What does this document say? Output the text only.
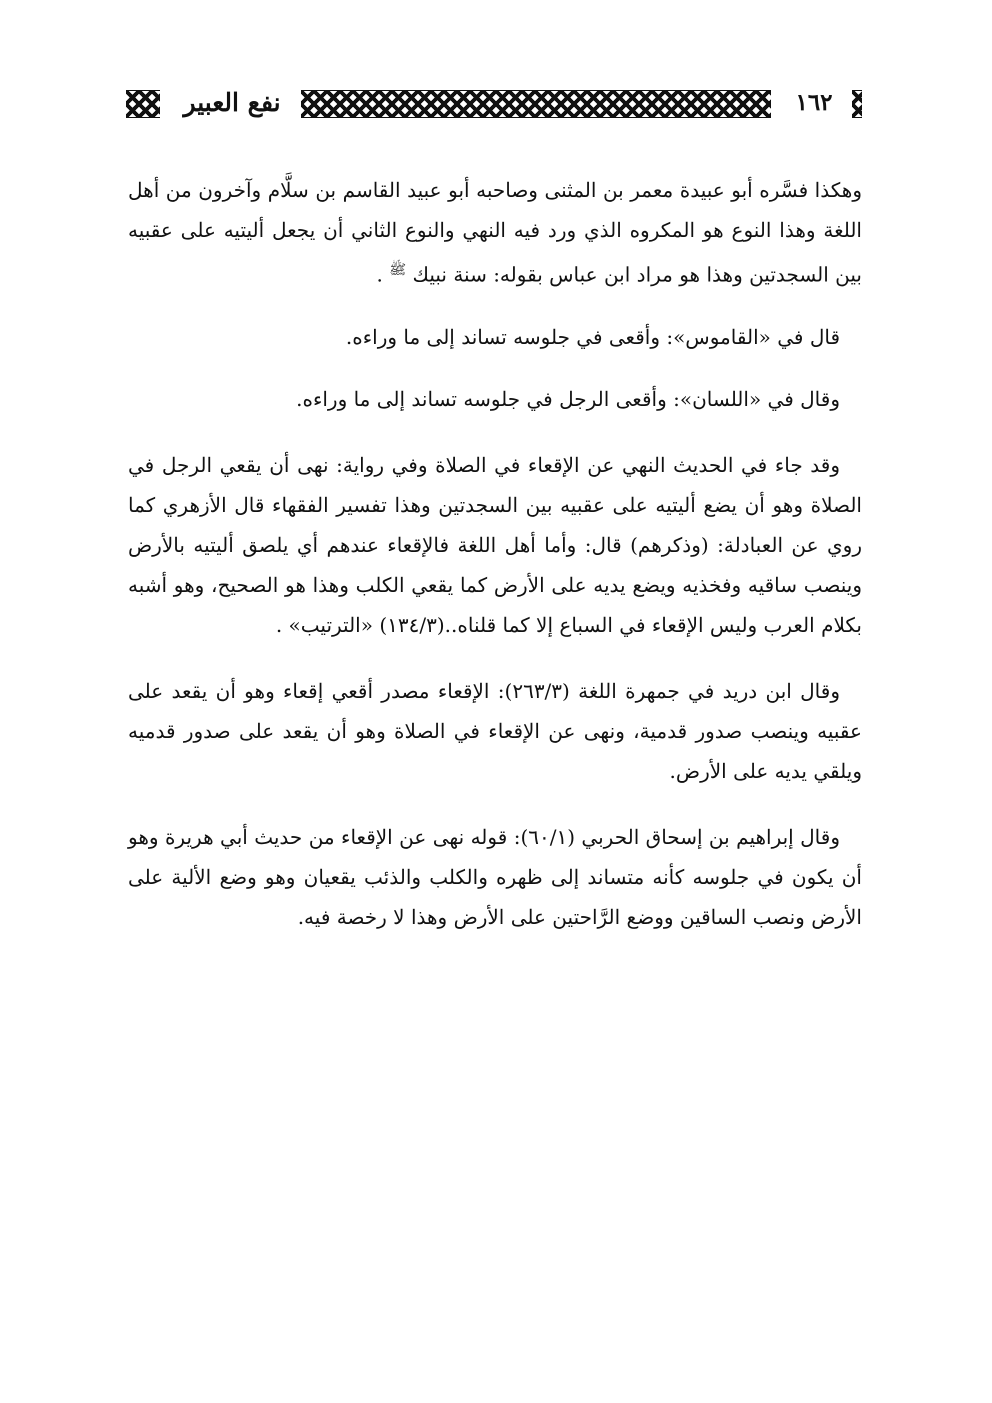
نفع العبير	١٦٢

وهكذا فسَّره أبو عبيدة معمر بن المثنى وصاحبه أبو عبيد القاسم بن سلَّام وآخرون من أهل اللغة وهذا النوع هو المكروه الذي ورد فيه النهي والنوع الثاني أن يجعل أليتيه على عقبيه بين السجدتين وهذا هو مراد ابن عباس بقوله: سنة نبيك $^ﷺ$ .

قال في «القاموس»: وأقعى في جلوسه تساند إلى ما وراءه.

وقال في «اللسان»: وأقعى الرجل في جلوسه تساند إلى ما وراءه.

وقد جاء في الحديث النهي عن الإقعاء في الصلاة وفي رواية: نهى أن يقعي الرجل في الصلاة وهو أن يضع أليتيه على عقبيه بين السجدتين وهذا تفسير الفقهاء قال الأزهري كما روي عن العبادلة: (وذكرهم) قال: وأما أهل اللغة فالإقعاء عندهم أي يلصق أليتيه بالأرض وينصب ساقيه وفخذيه ويضع يديه على الأرض كما يقعي الكلب وهذا هو الصحيح، وهو أشبه بكلام العرب وليس الإقعاء في السباع إلا كما قلناه..(١٣٤/٣) «الترتيب» .

وقال ابن دريد في جمهرة اللغة (٢٦٣/٣): الإقعاء مصدر أقعي إقعاء وهو أن يقعد على عقبيه وينصب صدور قدمية، ونهى عن الإقعاء في الصلاة وهو أن يقعد على صدور قدميه ويلقي يديه على الأرض.

وقال إبراهيم بن إسحاق الحربي (٦٠/١): قوله نهى عن الإقعاء من حديث أبي هريرة وهو أن يكون في جلوسه كأنه متساند إلى ظهره والكلب والذئب يقعيان وهو وضع الألية على الأرض ونصب الساقين ووضع الرَّاحتين على الأرض وهذا لا رخصة فيه.
